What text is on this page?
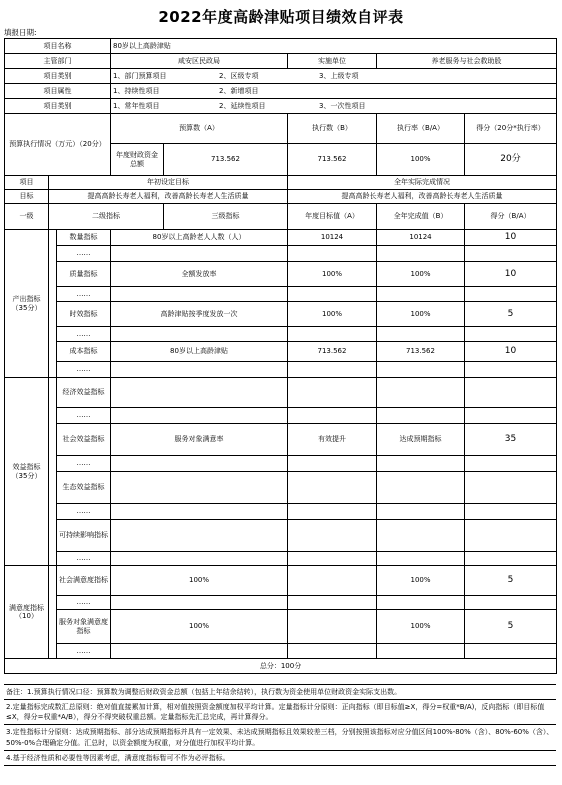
2022年度高龄津贴项目绩效自评表
填报日期:
项目名称			80岁以上高龄津贴				
主管部门			咸安区民政局		实施单位	养老服务与社会救助股	
项目类别			1、部门预算项目 2、区级专项 3、上级专项				
项目属性			1、持续性项目 2、新增项目				
项目类别			1、常年性项目 2、延续性项目 3、一次性项目				
预算执行情况（万元）（20分）			预算数（A）		执行数（B）	执行率（B/A）	得分（20分*执行率）
			年度财政资金总额	713.562	713.562	100%	20分
项目	年初设定目标				全年实际完成情况		
目标	提高高龄长寿老人福利，改善高龄长寿老人生活质量				提高高龄长寿老人福利，改善高龄长寿老人生活质量		
一级	二级指标			三级指标	年度目标值（A）	全年完成值（B）	得分（B/A）
产出指标（35分）		数量指标	80岁以上高龄老人人数（人）		10124	10124	10
		……					
		质量指标	全额发放率		100%	100%	10
		……					
		时效指标	高龄津贴按季度发放一次		100%	100%	5
		……					
		成本指标	80岁以上高龄津贴		713.562	713.562	10
		……					
效益指标（35分）		经济效益指标					
		……					
		社会效益指标	服务对象满意率		有效提升	达成预期指标	35
		……					
		生态效益指标					
		……					
		可持续影响指标					
		……					
满意度指标（10）		社会满意度指标	100%			100%	5
		……					
		服务对象满意度指标	100%			100%	5
		……					
总分：100分							
备注：1.预算执行情况口径：预算数为调整后财政资金总额（包括上年结余结转），执行数为资金使用单位财政资金实际支出数。
2.定量指标完成数汇总原则：绝对值直接累加计算，相对值按照资金额度加权平均计算。定量指标计分原则：正向指标（即目标值≥X，得分=权重*B/A)，反向指标（即目标值≤X，得分=权重*A/B），得分不得突破权重总额。定量指标先汇总完成，再计算得分。
3.定性指标计分原则：达成预期指标、部分达成预期指标并具有一定效果、未达成预期指标且效果较差三档，分别按照该指标对应分值区间100%-80%（含）、80%-60%（含）、50%-0%合理确定分值。汇总时，以资金额度为权重，对分值进行加权平均计算。
4.基于经济性质和必要性等因素考虑，满意度指标暂可不作为必评指标。
